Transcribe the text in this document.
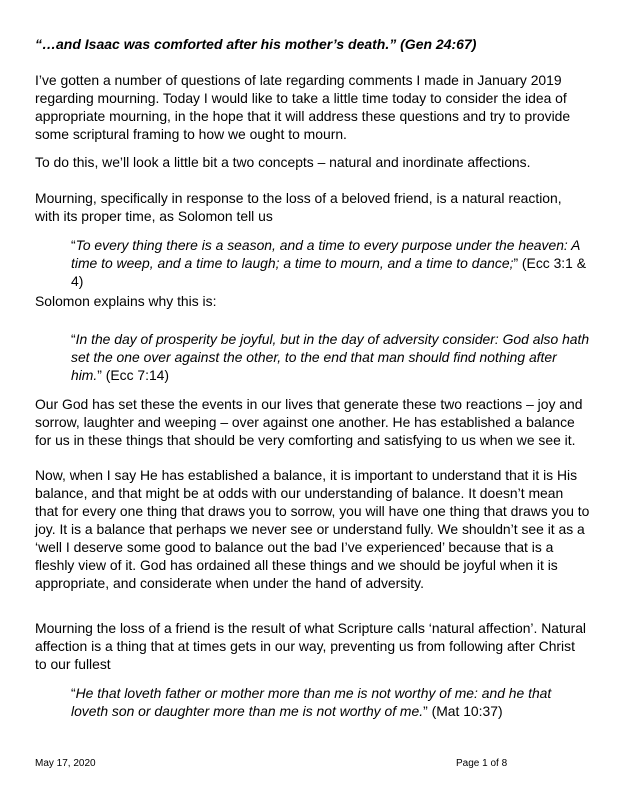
“…and Isaac was comforted after his mother’s death.” (Gen 24:67)

I’ve gotten a number of questions of late regarding comments I made in January 2019 regarding mourning. Today I would like to take a little time today to consider the idea of appropriate mourning, in the hope that it will address these questions and try to provide some scriptural framing to how we ought to mourn.

To do this, we’ll look a little bit a two concepts – natural and inordinate affections.

Mourning, specifically in response to the loss of a beloved friend, is a natural reaction, with its proper time, as Solomon tell us

“To every thing there is a season, and a time to every purpose under the heaven: A time to weep, and a time to laugh; a time to mourn, and a time to dance;” (Ecc 3:1 & 4)

Solomon explains why this is:

“In the day of prosperity be joyful, but in the day of adversity consider: God also hath set the one over against the other, to the end that man should find nothing after him.” (Ecc 7:14)

Our God has set these the events in our lives that generate these two reactions – joy and sorrow, laughter and weeping – over against one another. He has established a balance for us in these things that should be very comforting and satisfying to us when we see it.

Now, when I say He has established a balance, it is important to understand that it is His balance, and that might be at odds with our understanding of balance. It doesn’t mean that for every one thing that draws you to sorrow, you will have one thing that draws you to joy. It is a balance that perhaps we never see or understand fully. We shouldn’t see it as a ‘well I deserve some good to balance out the bad I’ve experienced’ because that is a fleshly view of it. God has ordained all these things and we should be joyful when it is appropriate, and considerate when under the hand of adversity.

Mourning the loss of a friend is the result of what Scripture calls ‘natural affection’. Natural affection is a thing that at times gets in our way, preventing us from following after Christ to our fullest

“He that loveth father or mother more than me is not worthy of me: and he that loveth son or daughter more than me is not worthy of me.” (Mat 10:37)

May 17, 2020	Page 1 of 8
